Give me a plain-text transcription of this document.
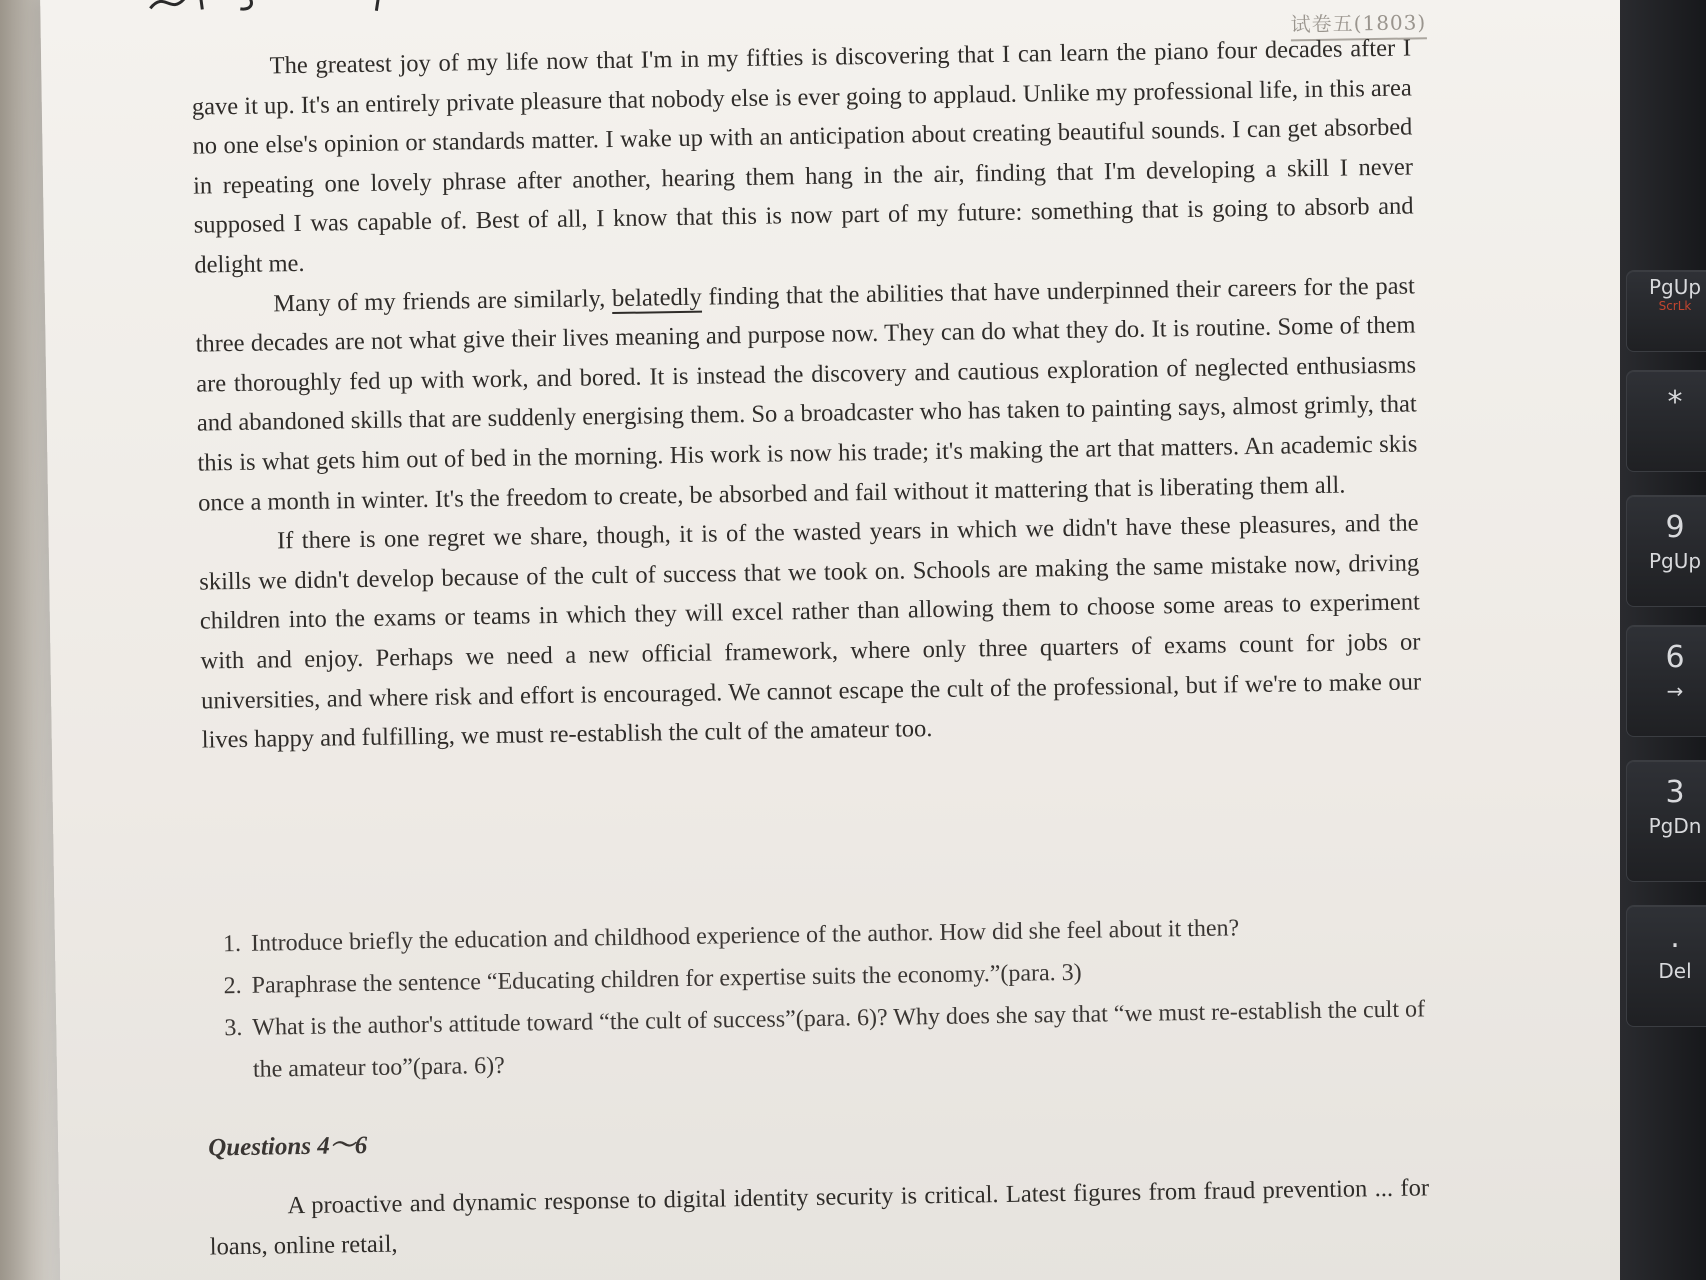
试卷五(1803)

The greatest joy of my life now that I'm in my fifties is discovering that I can learn the piano four decades after I gave it up. It's an entirely private pleasure that nobody else is ever going to applaud. Unlike my professional life, in this area no one else's opinion or standards matter. I wake up with an anticipation about creating beautiful sounds. I can get absorbed in repeating one lovely phrase after another, hearing them hang in the air, finding that I'm developing a skill I never supposed I was capable of. Best of all, I know that this is now part of my future: something that is going to absorb and delight me.

Many of my friends are similarly, belatedly finding that the abilities that have underpinned their careers for the past three decades are not what give their lives meaning and purpose now. They can do what they do. It is routine. Some of them are thoroughly fed up with work, and bored. It is instead the discovery and cautious exploration of neglected enthusiasms and abandoned skills that are suddenly energising them. So a broadcaster who has taken to painting says, almost grimly, that this is what gets him out of bed in the morning. His work is now his trade; it's making the art that matters. An academic skis once a month in winter. It's the freedom to create, be absorbed and fail without it mattering that is liberating them all.

If there is one regret we share, though, it is of the wasted years in which we didn't have these pleasures, and the skills we didn't develop because of the cult of success that we took on. Schools are making the same mistake now, driving children into the exams or teams in which they will excel rather than allowing them to choose some areas to experiment with and enjoy. Perhaps we need a new official framework, where only three quarters of exams count for jobs or universities, and where risk and effort is encouraged. We cannot escape the cult of the professional, but if we're to make our lives happy and fulfilling, we must re-establish the cult of the amateur too.

1. Introduce briefly the education and childhood experience of the author. How did she feel about it then?
2. Paraphrase the sentence “Educating children for expertise suits the economy.”(para. 3)
3. What is the author's attitude toward “the cult of success”(para. 6)? Why does she say that “we must re-establish the cult of the amateur too”(para. 6)?
Questions 4～6
A proactive and dynamic response to digital identity security is critical. Latest figures from fraud prevention ... for loans, online retail,
PgUp
ScrLk
*
9
PgUp
6
→
3
PgDn
.
Del
